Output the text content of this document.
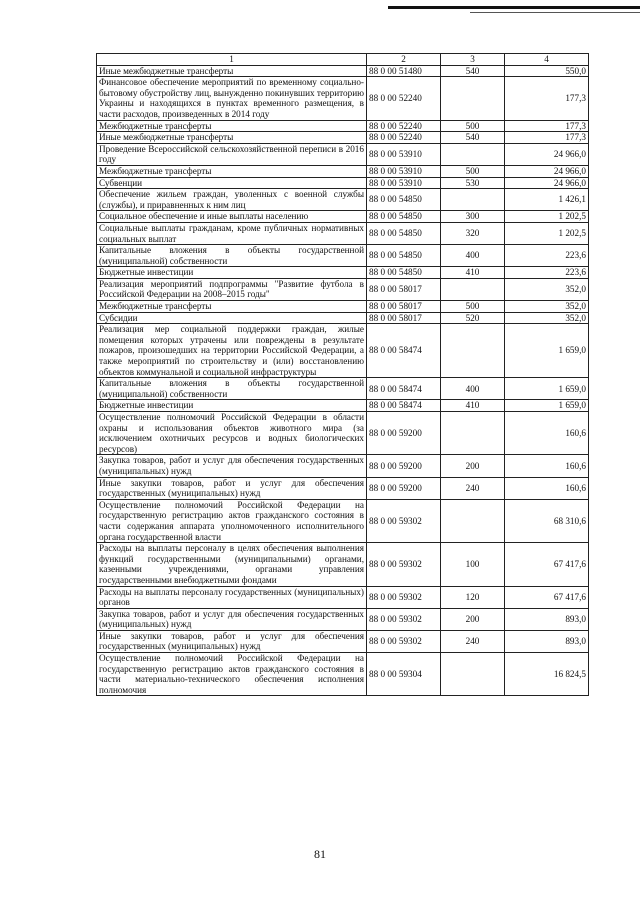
1	2	3	4
Иные межбюджетные трансферты	88 0 00 51480	540	550,0
Финансовое обеспечение мероприятий по временному социально-бытовому обустройству лиц, вынужденно покинувших территорию Украины и находящихся в пунктах временного размещения, в части расходов, произведенных в 2014 году	88 0 00 52240		177,3
Межбюджетные трансферты	88 0 00 52240	500	177,3
Иные межбюджетные трансферты	88 0 00 52240	540	177,3
Проведение Всероссийской сельскохозяйственной переписи в 2016 году	88 0 00 53910		24 966,0
Межбюджетные трансферты	88 0 00 53910	500	24 966,0
Субвенции	88 0 00 53910	530	24 966,0
Обеспечение жильем граждан, уволенных с военной службы (службы), и приравненных к ним лиц	88 0 00 54850		1 426,1
Социальное обеспечение и иные выплаты населению	88 0 00 54850	300	1 202,5
Социальные выплаты гражданам, кроме публичных нормативных социальных выплат	88 0 00 54850	320	1 202,5
Капитальные вложения в объекты государственной (муниципальной) собственности	88 0 00 54850	400	223,6
Бюджетные инвестиции	88 0 00 54850	410	223,6
Реализация мероприятий подпрограммы "Развитие футбола в Российской Федерации на 2008–2015 годы"	88 0 00 58017		352,0
Межбюджетные трансферты	88 0 00 58017	500	352,0
Субсидии	88 0 00 58017	520	352,0
Реализация мер социальной поддержки граждан, жилые помещения которых утрачены или повреждены в результате пожаров, произошедших на территории Российской Федерации, а также мероприятий по строительству и (или) восстановлению объектов коммунальной и социальной инфраструктуры	88 0 00 58474		1 659,0
Капитальные вложения в объекты государственной (муниципальной) собственности	88 0 00 58474	400	1 659,0
Бюджетные инвестиции	88 0 00 58474	410	1 659,0
Осуществление полномочий Российской Федерации в области охраны и использования объектов животного мира (за исключением охотничьих ресурсов и водных биологических ресурсов)	88 0 00 59200		160,6
Закупка товаров, работ и услуг для обеспечения государственных (муниципальных) нужд	88 0 00 59200	200	160,6
Иные закупки товаров, работ и услуг для обеспечения государственных (муниципальных) нужд	88 0 00 59200	240	160,6
Осуществление полномочий Российской Федерации на государственную регистрацию актов гражданского состояния в части содержания аппарата уполномоченного исполнительного органа государственной власти	88 0 00 59302		68 310,6
Расходы на выплаты персоналу в целях обеспечения выполнения функций государственными (муниципальными) органами, казенными учреждениями, органами управления государственными внебюджетными фондами	88 0 00 59302	100	67 417,6
Расходы на выплаты персоналу государственных (муниципальных) органов	88 0 00 59302	120	67 417,6
Закупка товаров, работ и услуг для обеспечения государственных (муниципальных) нужд	88 0 00 59302	200	893,0
Иные закупки товаров, работ и услуг для обеспечения государственных (муниципальных) нужд	88 0 00 59302	240	893,0
Осуществление полномочий Российской Федерации на государственную регистрацию актов гражданского состояния в части материально-технического обеспечения исполнения полномочия	88 0 00 59304		16 824,5
81
